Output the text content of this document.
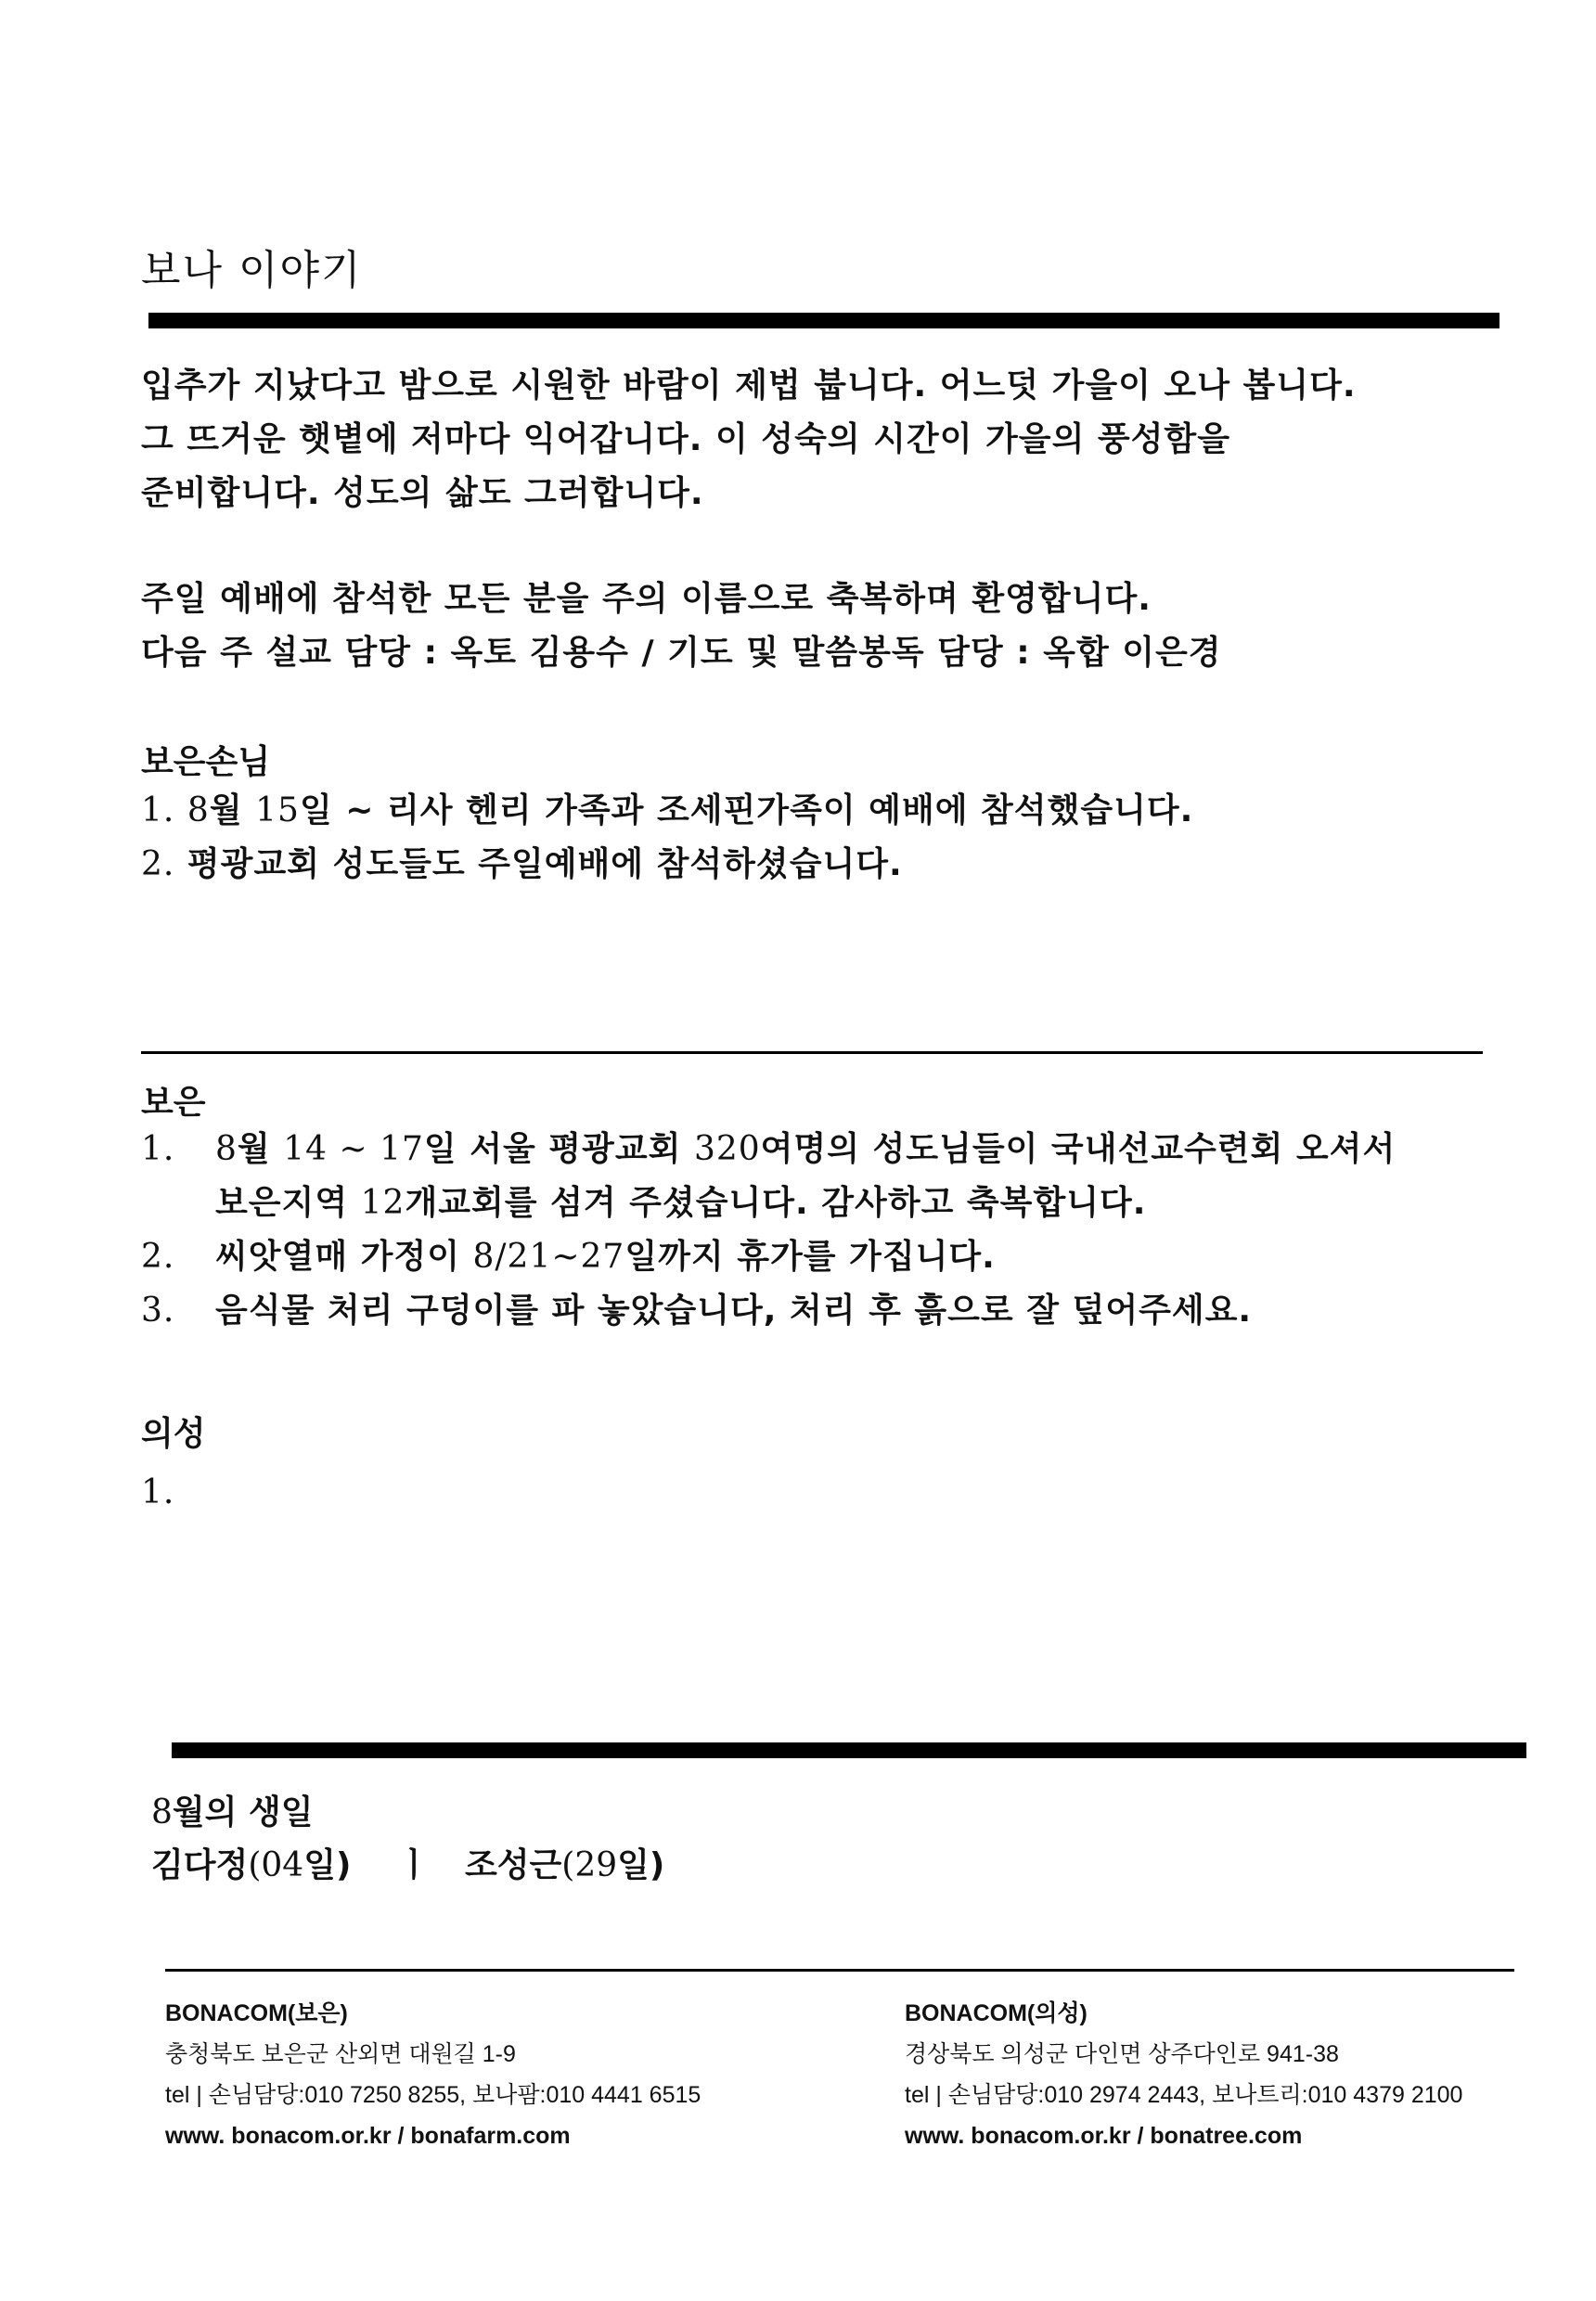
보나 이야기
입추가 지났다고 밤으로 시원한 바람이 제법 붑니다. 어느덧 가을이 오나 봅니다.
그 뜨거운 햇볕에 저마다 익어갑니다. 이 성숙의 시간이 가을의 풍성함을
준비합니다. 성도의 삶도 그러합니다.
주일 예배에 참석한 모든 분을 주의 이름으로 축복하며 환영합니다.
다음 주 설교 담당 : 옥토 김용수 / 기도 및 말씀봉독 담당 : 옥합 이은경
보은손님
1. 8월 15일 ~ 리사 헨리 가족과 조세핀가족이 예배에 참석했습니다.
2. 평광교회 성도들도 주일예배에 참석하셨습니다.
보은
1.	8월 14 ~ 17일 서울 평광교회 320여명의 성도님들이 국내선교수련회 오셔서
보은지역 12개교회를 섬겨 주셨습니다. 감사하고 축복합니다.
2.	씨앗열매 가정이 8/21~27일까지 휴가를 가집니다.
3.	음식물 처리 구덩이를 파 놓았습니다, 처리 후 흙으로 잘 덮어주세요.
의성
1.
8월의 생일
김다정(04일) ㅣ 조성근(29일)
BONACOM(보은)
충청북도 보은군 산외면 대원길 1-9
tel | 손님담당:010 7250 8255, 보나팜:010 4441 6515
www. bonacom.or.kr / bonafarm.com
BONACOM(의성)
경상북도 의성군 다인면 상주다인로 941-38
tel | 손님담당:010 2974 2443, 보나트리:010 4379 2100
www. bonacom.or.kr / bonatree.com
